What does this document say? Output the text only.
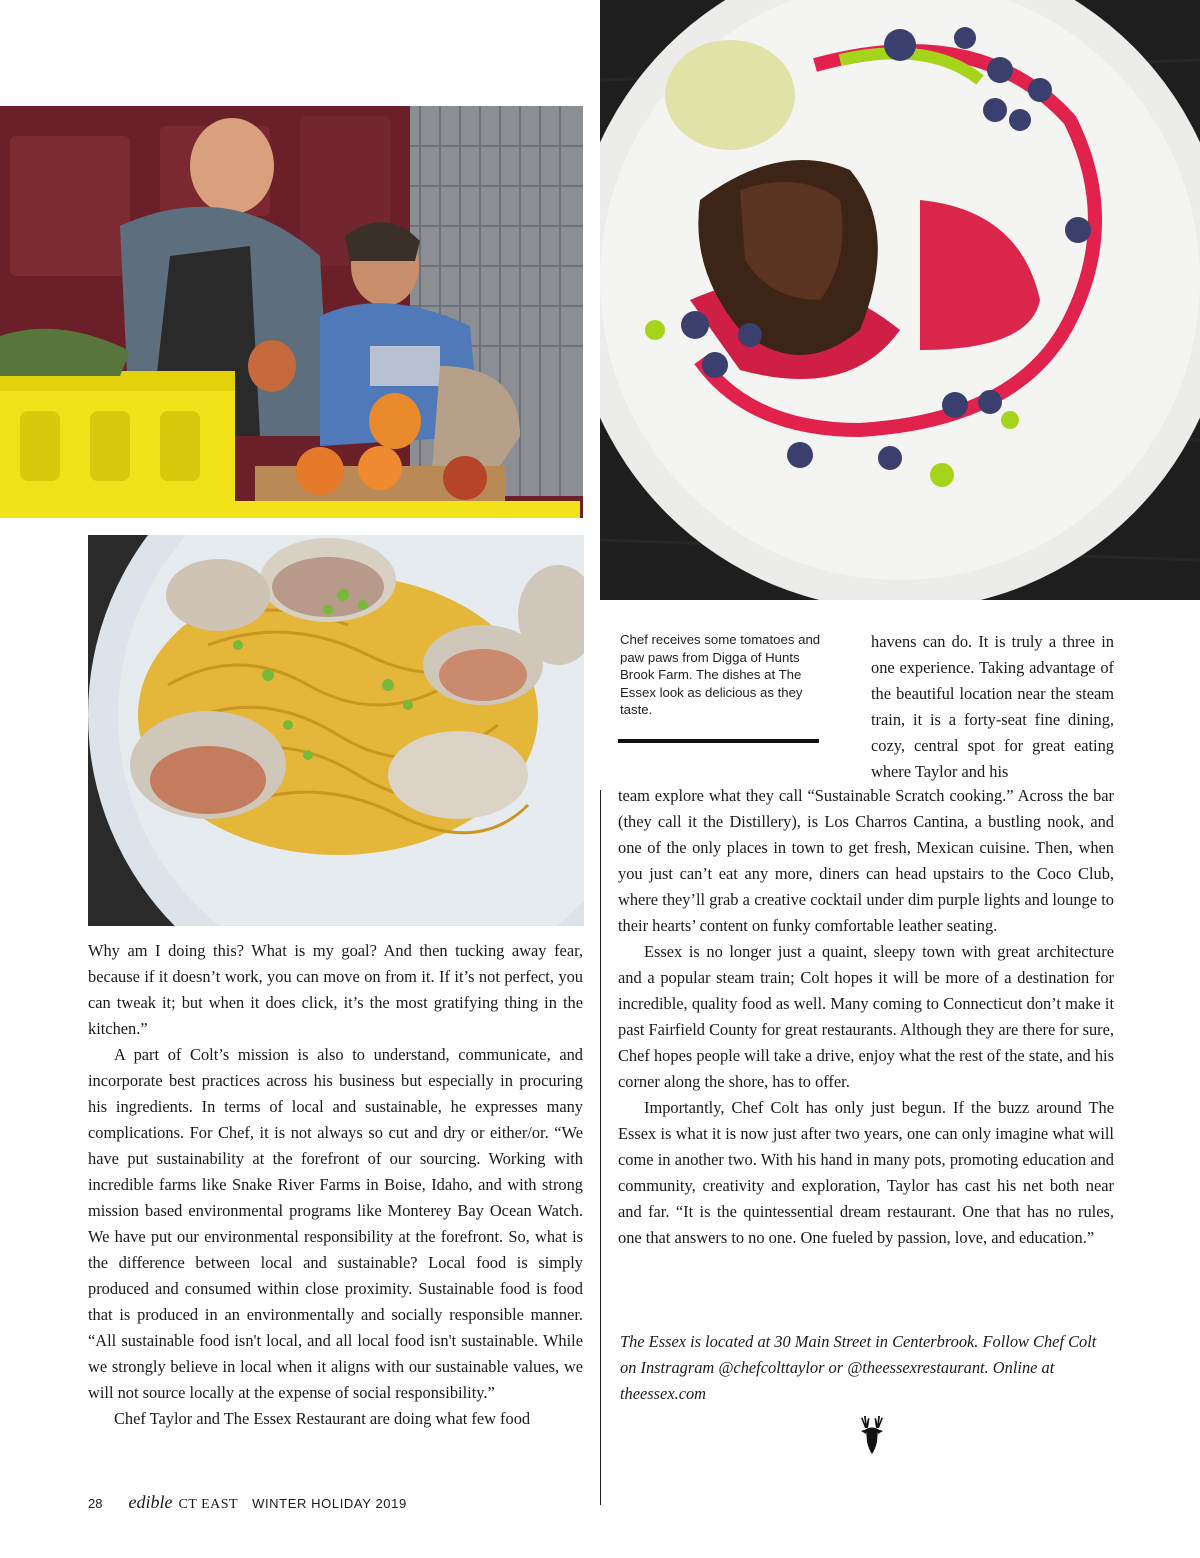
Chef receives some tomatoes and paw paws from Digga of Hunts Brook Farm. The dishes at The Essex look as delicious as they taste.

havens can do. It is truly a three in one experience. Taking advantage of the beautiful location near the steam train, it is a forty-seat fine dining, cozy, central spot for great eating where Taylor and his

team explore what they call “Sustainable Scratch cooking.” Across the bar (they call it the Distillery), is Los Charros Cantina, a bustling nook, and one of the only places in town to get fresh, Mexican cuisine. Then, when you just can’t eat any more, diners can head upstairs to the Coco Club, where they’ll grab a creative cocktail under dim purple lights and lounge to their hearts’ content on funky comfortable leather seating.

Essex is no longer just a quaint, sleepy town with great architecture and a popular steam train; Colt hopes it will be more of a destination for incredible, quality food as well. Many coming to Connecticut don’t make it past Fairfield County for great restaurants. Although they are there for sure, Chef hopes people will take a drive, enjoy what the rest of the state, and his corner along the shore, has to offer.

Importantly, Chef Colt has only just begun. If the buzz around The Essex is what it is now just after two years, one can only imagine what will come in another two. With his hand in many pots, promoting education and community, creativity and exploration, Taylor has cast his net both near and far. “It is the quintessential dream restaurant. One that has no rules, one that answers to no one. One fueled by passion, love, and education.”

Why am I doing this? What is my goal? And then tucking away fear, because if it doesn’t work, you can move on from it. If it’s not perfect, you can tweak it; but when it does click, it’s the most gratifying thing in the kitchen.”

A part of Colt’s mission is also to understand, communicate, and incorporate best practices across his business but especially in procuring his ingredients. In terms of local and sustainable, he expresses many complications. For Chef, it is not always so cut and dry or either/or. “We have put sustainability at the forefront of our sourcing. Working with incredible farms like Snake River Farms in Boise, Idaho, and with strong mission based environmental programs like Monterey Bay Ocean Watch. We have put our environmental responsibility at the forefront. So, what is the difference between local and sustainable? Local food is simply produced and consumed within close proximity. Sustainable food is food that is produced in an environmentally and socially responsible manner. “All sustainable food isn't local, and all local food isn't sustainable. While we strongly believe in local when it aligns with our sustainable values, we will not source locally at the expense of social responsibility.”

Chef Taylor and The Essex Restaurant are doing what few food

The Essex is located at 30 Main Street in Centerbrook. Follow Chef Colt on Instragram @chefcolttaylor or @theessexrestaurant. Online at theessex.com

28 edible CT EAST WINTER HOLIDAY 2019
